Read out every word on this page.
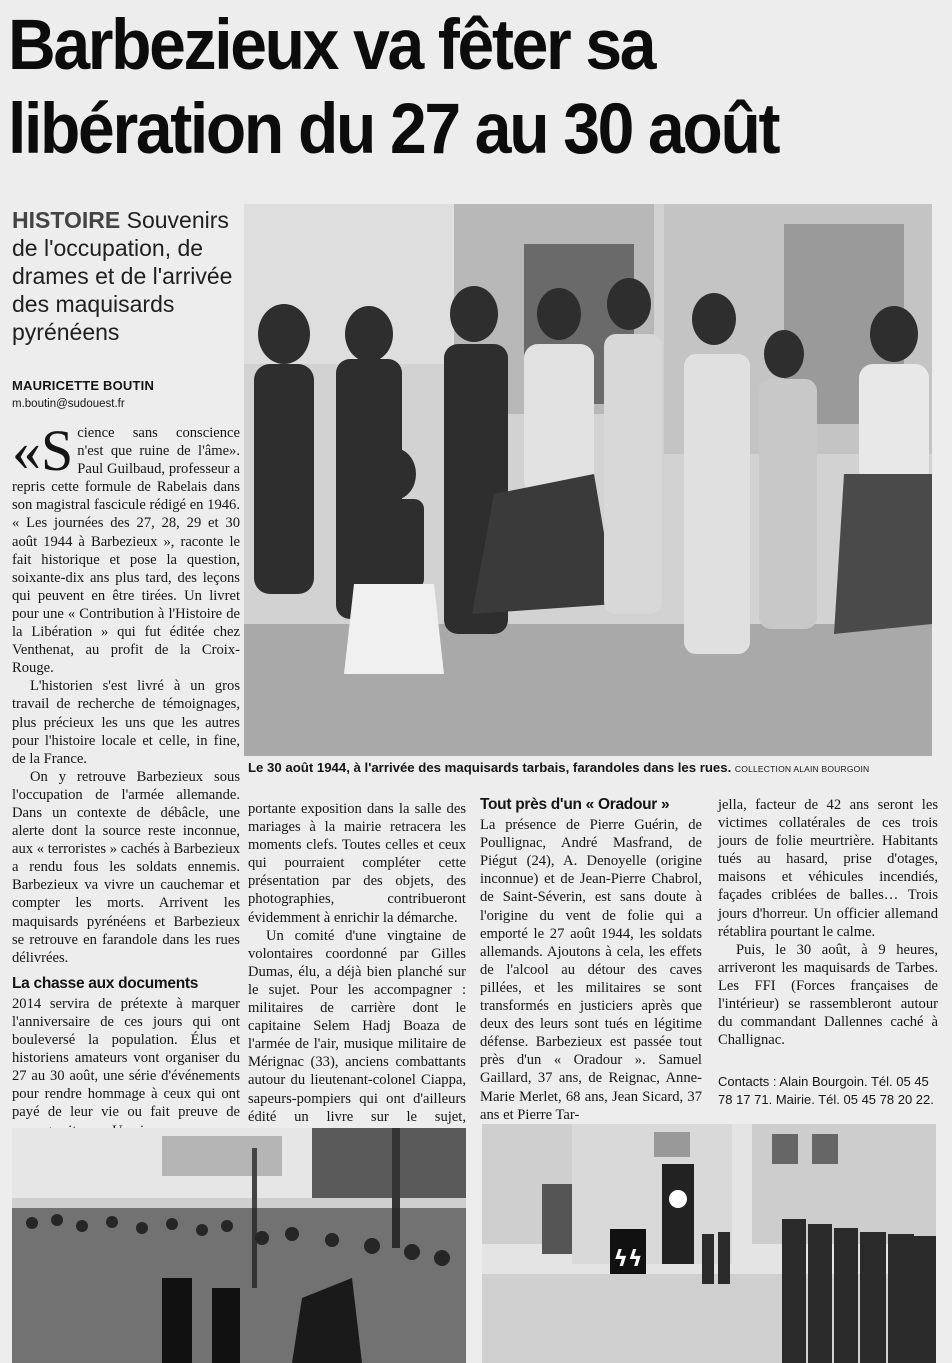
Barbezieux va fêter sa
libération du 27 au 30 août
HISTOIRE Souvenirs de l'occupation, de drames et de l'arrivée des maquisards pyrénéens
MAURICETTE BOUTIN
m.boutin@sudouest.fr
Le 30 août 1944, à l'arrivée des maquisards tarbais, farandoles dans les rues. COLLECTION ALAIN BOURGOIN

«Science sans conscience n'est que ruine de l'âme». Paul Guilbaud, professeur a repris cette formule de Rabelais dans son magistral fascicule rédigé en 1946. « Les journées des 27, 28, 29 et 30 août 1944 à Barbezieux », raconte le fait historique et pose la question, soixante-dix ans plus tard, des leçons qui peuvent en être tirées. Un livret pour une « Contribution à l'Histoire de la Libération » qui fut éditée chez Venthenat, au profit de la Croix-Rouge.

L'historien s'est livré à un gros travail de recherche de témoignages, plus précieux les uns que les autres pour l'histoire locale et celle, in fine, de la France.

On y retrouve Barbezieux sous l'occupation de l'armée allemande. Dans un contexte de débâcle, une alerte dont la source reste inconnue, aux « terroristes » cachés à Barbezieux a rendu fous les soldats ennemis. Barbezieux va vivre un cauchemar et compter les morts. Arrivent les maquisards pyrénéens et Barbezieux se retrouve en farandole dans les rues délivrées.

La chasse aux documents

2014 servira de prétexte à marquer l'anniversaire de ces jours qui ont bouleversé la population. Élus et historiens amateurs vont organiser du 27 au 30 août, une série d'événements pour rendre hommage à ceux qui ont payé de leur vie ou fait preuve de

portante exposition dans la salle des mariages à la mairie retracera les moments clefs. Toutes celles et ceux qui pourraient compléter cette présentation par des objets, des photographies, contribueront évidemment à enrichir la démarche.

Un comité d'une vingtaine de volontaires coordonné par Gilles Dumas, élu, a déjà bien planché sur le sujet. Pour les accompagner : militaires de carrière dont le capitaine Selem Hadj Boaza de l'armée de l'air, musique militaire de Mérignac (33), anciens combattants autour du lieutenant-colonel Ciappa, sapeurs-pompiers qui ont d'ailleurs édité un livre sur le sujet,

Tout près d'un « Oradour »

La présence de Pierre Guérin, de Poullignac, André Masfrand, de Piégut (24), A. Denoyelle (origine inconnue) et de Jean-Pierre Chabrol, de Saint-Séverin, est sans doute à l'origine du vent de folie qui a emporté le 27 août 1944, les soldats allemands. Ajoutons à cela, les effets de l'alcool au détour des caves pillées, et les militaires se sont transformés en justiciers après que deux des leurs sont tués en légitime défense. Barbezieux est passée tout près d'un « Oradour ». Samuel Gaillard, 37 ans, de Reignac, Anne-Marie Merlet, 68 ans, Jean Sicard, 37 ans et Pierre Tar-

jella, facteur de 42 ans seront les victimes collatérales de ces trois jours de folie meurtrière. Habitants tués au hasard, prise d'otages, maisons et véhicules incendiés, façades criblées de balles… Trois jours d'horreur. Un officier allemand rétablira pourtant le calme.

Puis, le 30 août, à 9 heures, arriveront les maquisards de Tarbes. Les FFI (Forces françaises de l'intérieur) se rassembleront autour du commandant Dallennes caché à Challignac.

Contacts : Alain Bourgoin. Tél. 05 45 78 17 71. Mairie. Tél. 05 45 78 20 22.
ϟϟ
